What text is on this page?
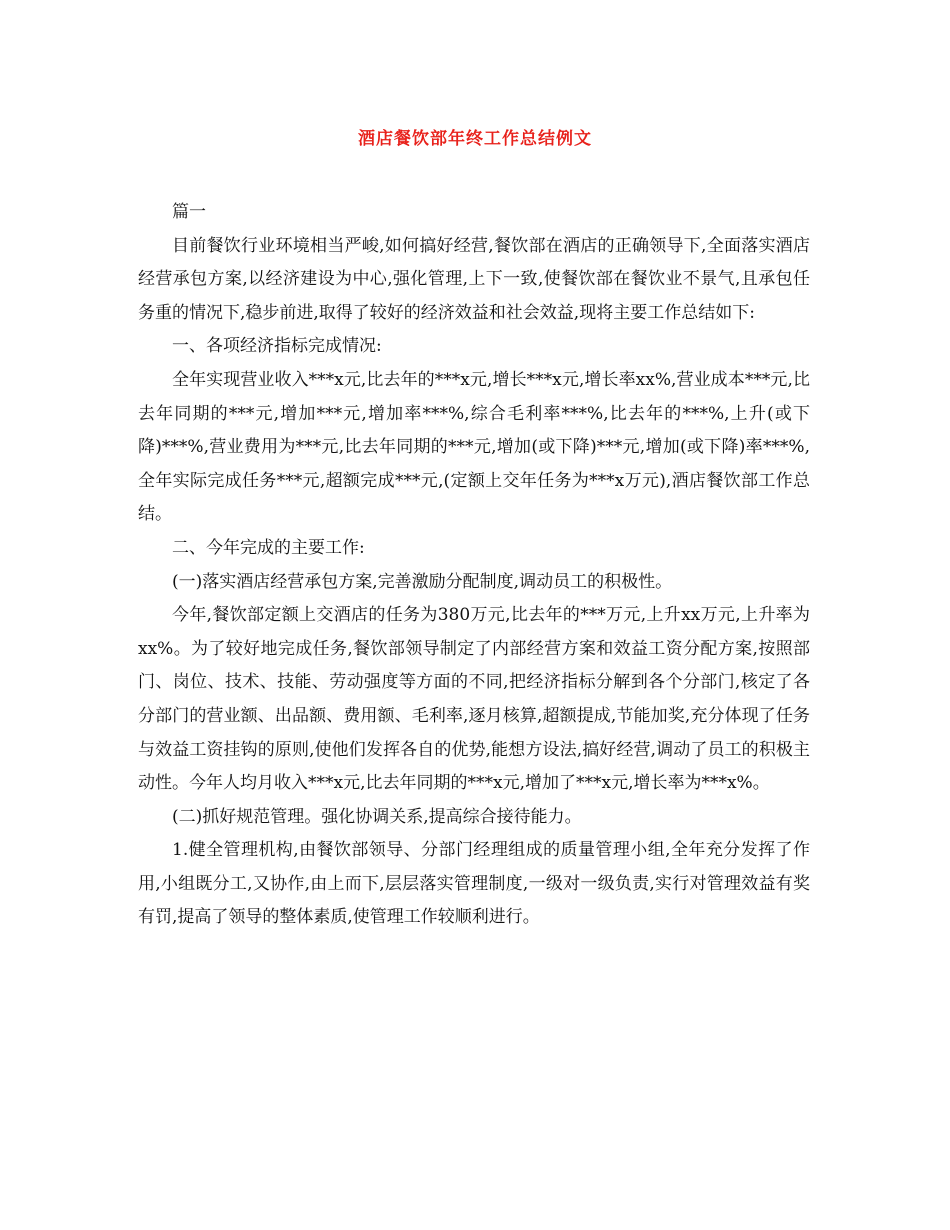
酒店餐饮部年终工作总结例文

篇一

目前餐饮行业环境相当严峻,如何搞好经营,餐饮部在酒店的正确领导下,全面落实酒店经营承包方案,以经济建设为中心,强化管理,上下一致,使餐饮部在餐饮业不景气,且承包任务重的情况下,稳步前进,取得了较好的经济效益和社会效益,现将主要工作总结如下:

一、各项经济指标完成情况:

全年实现营业收入***x元,比去年的***x元,增长***x元,增长率xx%,营业成本***元,比去年同期的***元,增加***元,增加率***%,综合毛利率***%,比去年的***%,上升(或下降)***%,营业费用为***元,比去年同期的***元,增加(或下降)***元,增加(或下降)率***%,全年实际完成任务***元,超额完成***元,(定额上交年任务为***x万元),酒店餐饮部工作总结。

二、今年完成的主要工作:

(一)落实酒店经营承包方案,完善激励分配制度,调动员工的积极性。

今年,餐饮部定额上交酒店的任务为380万元,比去年的***万元,上升xx万元,上升率为xx%。为了较好地完成任务,餐饮部领导制定了内部经营方案和效益工资分配方案,按照部门、岗位、技术、技能、劳动强度等方面的不同,把经济指标分解到各个分部门,核定了各分部门的营业额、出品额、费用额、毛利率,逐月核算,超额提成,节能加奖,充分体现了任务与效益工资挂钩的原则,使他们发挥各自的优势,能想方设法,搞好经营,调动了员工的积极主动性。今年人均月收入***x元,比去年同期的***x元,增加了***x元,增长率为***x%。

(二)抓好规范管理。强化协调关系,提高综合接待能力。

1.健全管理机构,由餐饮部领导、分部门经理组成的质量管理小组,全年充分发挥了作用,小组既分工,又协作,由上而下,层层落实管理制度,一级对一级负责,实行对管理效益有奖有罚,提高了领导的整体素质,使管理工作较顺利进行。
